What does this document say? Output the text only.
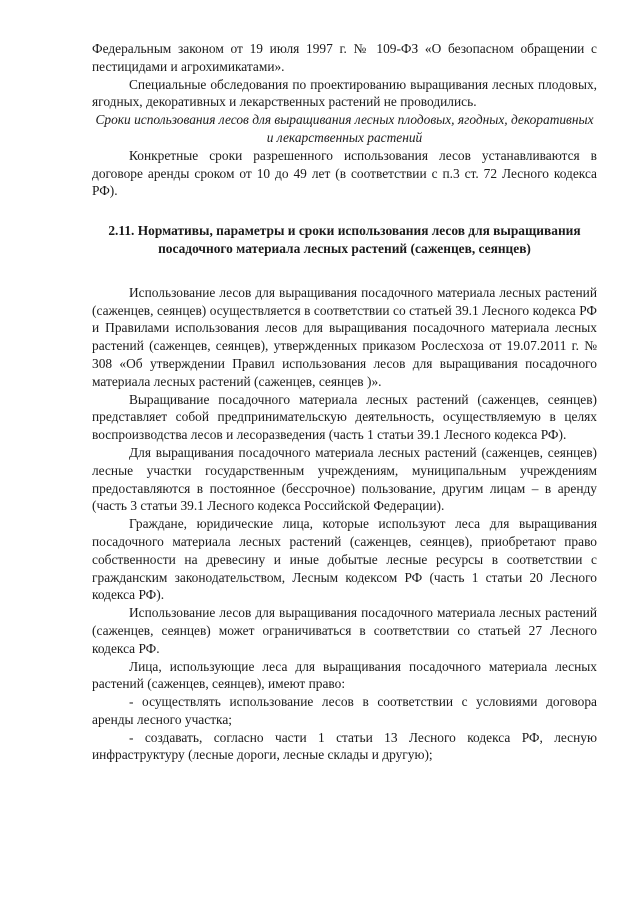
Федеральным законом от 19 июля 1997 г. № 109-ФЗ «О безопасном обращении с пестицидами и агрохимикатами».

Специальные обследования по проектированию выращивания лесных плодовых, ягодных, декоративных и лекарственных растений не проводились.

Сроки использования лесов для выращивания лесных плодовых, ягодных, декоративных и лекарственных растений

Конкретные сроки разрешенного использования лесов устанавливаются в договоре аренды сроком от 10 до 49 лет (в соответствии с п.3 ст. 72 Лесного кодекса РФ).

2.11. Нормативы, параметры и сроки использования лесов для выращивания посадочного материала лесных растений (саженцев, сеянцев)

Использование лесов для выращивания посадочного материала лесных растений (саженцев, сеянцев) осуществляется в соответствии со статьей 39.1 Лесного кодекса РФ и Правилами использования лесов для выращивания посадочного материала лесных растений (саженцев, сеянцев), утвержденных приказом Рослесхоза от 19.07.2011 г. № 308 «Об утверждении Правил использования лесов для выращивания посадочного материала лесных растений (саженцев, сеянцев )».

Выращивание посадочного материала лесных растений (саженцев, сеянцев) представляет собой предпринимательскую деятельность, осуществляемую в целях воспроизводства лесов и лесоразведения (часть 1 статьи 39.1 Лесного кодекса РФ).

Для выращивания посадочного материала лесных растений (саженцев, сеянцев) лесные участки государственным учреждениям, муниципальным учреждениям предоставляются в постоянное (бессрочное) пользование, другим лицам – в аренду (часть 3 статьи 39.1 Лесного кодекса Российской Федерации).

Граждане, юридические лица, которые используют леса для выращивания посадочного материала лесных растений (саженцев, сеянцев), приобретают право собственности на древесину и иные добытые лесные ресурсы в соответствии с гражданским законодательством, Лесным кодексом РФ (часть 1 статьи 20 Лесного кодекса РФ).

Использование лесов для выращивания посадочного материала лесных растений (саженцев, сеянцев) может ограничиваться в соответствии со статьей 27 Лесного кодекса РФ.

Лица, использующие леса для выращивания посадочного материала лесных растений (саженцев, сеянцев), имеют право:

- осуществлять использование лесов в соответствии с условиями договора аренды лесного участка;

- создавать, согласно части 1 статьи 13 Лесного кодекса РФ, лесную инфраструктуру (лесные дороги, лесные склады и другую);
